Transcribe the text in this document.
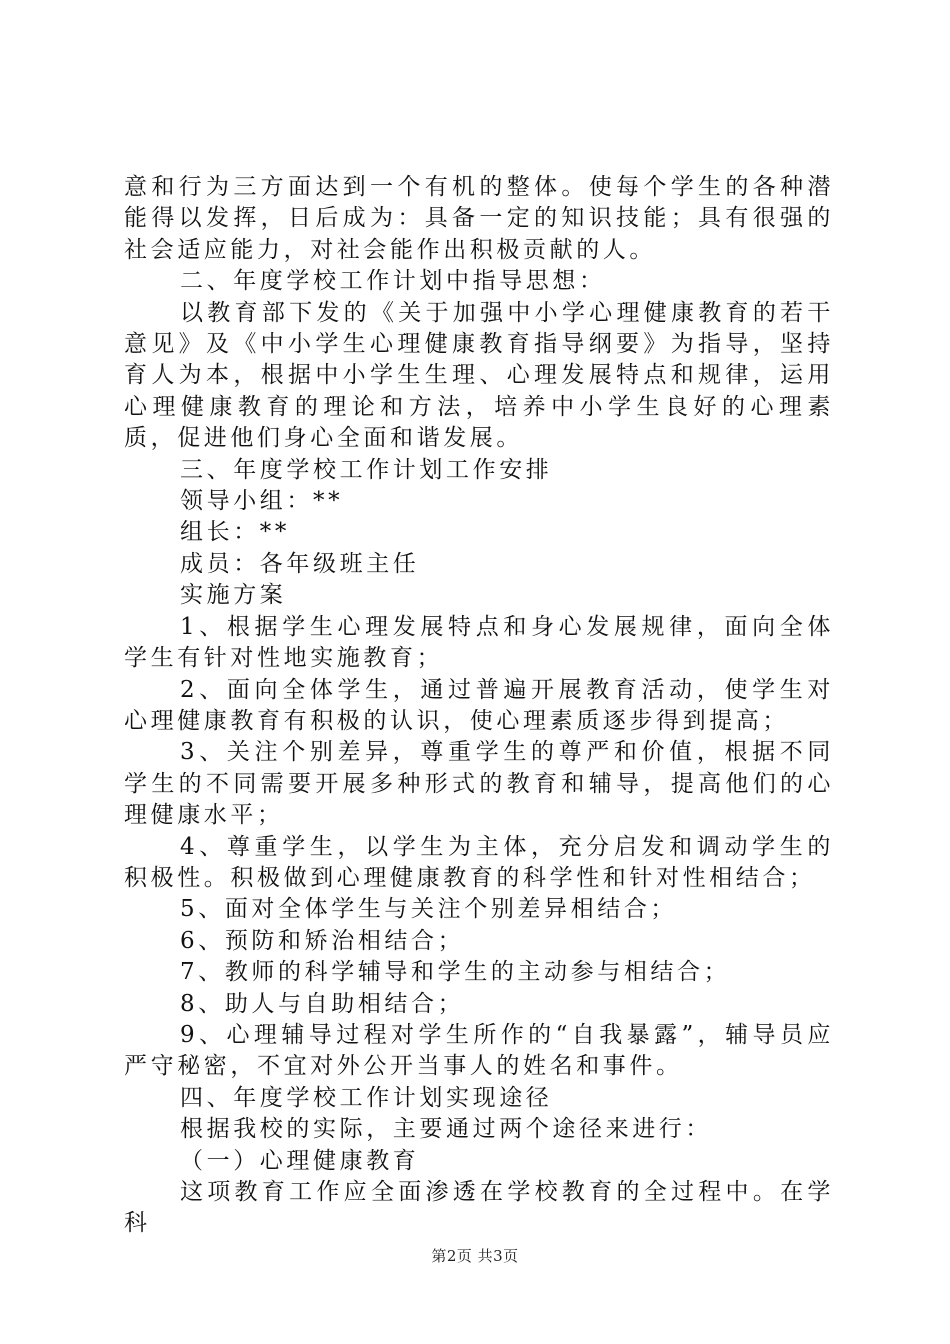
意和行为三方面达到一个有机的整体。使每个学生的各种潜能得以发挥，日后成为：具备一定的知识技能；具有很强的社会适应能力，对社会能作出积极贡献的人。

二、年度学校工作计划中指导思想：

以教育部下发的《关于加强中小学心理健康教育的若干意见》及《中小学生心理健康教育指导纲要》为指导，坚持育人为本，根据中小学生生理、心理发展特点和规律，运用心理健康教育的理论和方法，培养中小学生良好的心理素质，促进他们身心全面和谐发展。

三、年度学校工作计划工作安排

领导小组：**

组长：**

成员：各年级班主任

实施方案

1、根据学生心理发展特点和身心发展规律，面向全体学生有针对性地实施教育；

2、面向全体学生，通过普遍开展教育活动，使学生对心理健康教育有积极的认识，使心理素质逐步得到提高；

3、关注个别差异，尊重学生的尊严和价值，根据不同学生的不同需要开展多种形式的教育和辅导，提高他们的心理健康水平；

4、尊重学生，以学生为主体，充分启发和调动学生的积极性。积极做到心理健康教育的科学性和针对性相结合；

5、面对全体学生与关注个别差异相结合；

6、预防和矫治相结合；

7、教师的科学辅导和学生的主动参与相结合；

8、助人与自助相结合；

9、心理辅导过程对学生所作的“自我暴露”，辅导员应严守秘密，不宜对外公开当事人的姓名和事件。

四、年度学校工作计划实现途径

根据我校的实际，主要通过两个途径来进行：

（一）心理健康教育

这项教育工作应全面渗透在学校教育的全过程中。在学科

第2页 共3页
